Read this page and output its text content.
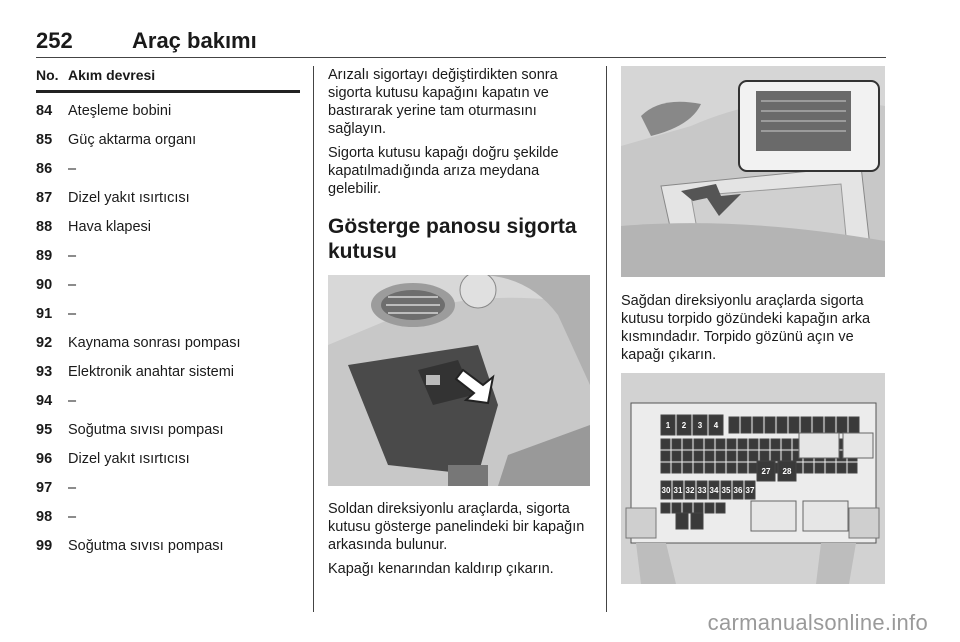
252	Araç bakımı
No. Akım devresi
84 Ateşleme bobini
85 Güç aktarma organı
86 –
87 Dizel yakıt ısırtıcısı
88 Hava klapesi
89 –
90 –
91 –
92 Kaynama sonrası pompası
93 Elektronik anahtar sistemi
94 –
95 Soğutma sıvısı pompası
96 Dizel yakıt ısırtıcısı
97 –
98 –
99 Soğutma sıvısı pompası

Arızalı sigortayı değiştirdikten sonra sigorta kutusu kapağını kapatın ve bastırarak yerine tam oturmasını sağlayın.

Sigorta kutusu kapağı doğru şekilde kapatılmadığında arıza meydana gelebilir.

Gösterge panosu sigorta kutusu

Soldan direksiyonlu araçlarda, sigorta kutusu gösterge panelindeki bir kapağın arkasında bulunur.

Kapağı kenarından kaldırıp çıkarın.

Sağdan direksiyonlu araçlarda sigorta kutusu torpido gözündeki kapağın arka kısmındadır. Torpido gözünü açın ve kapağı çıkarın.

1 2 3 4
27 28
30 31 32 33 34 35 36 37
carmanualsonline.info
